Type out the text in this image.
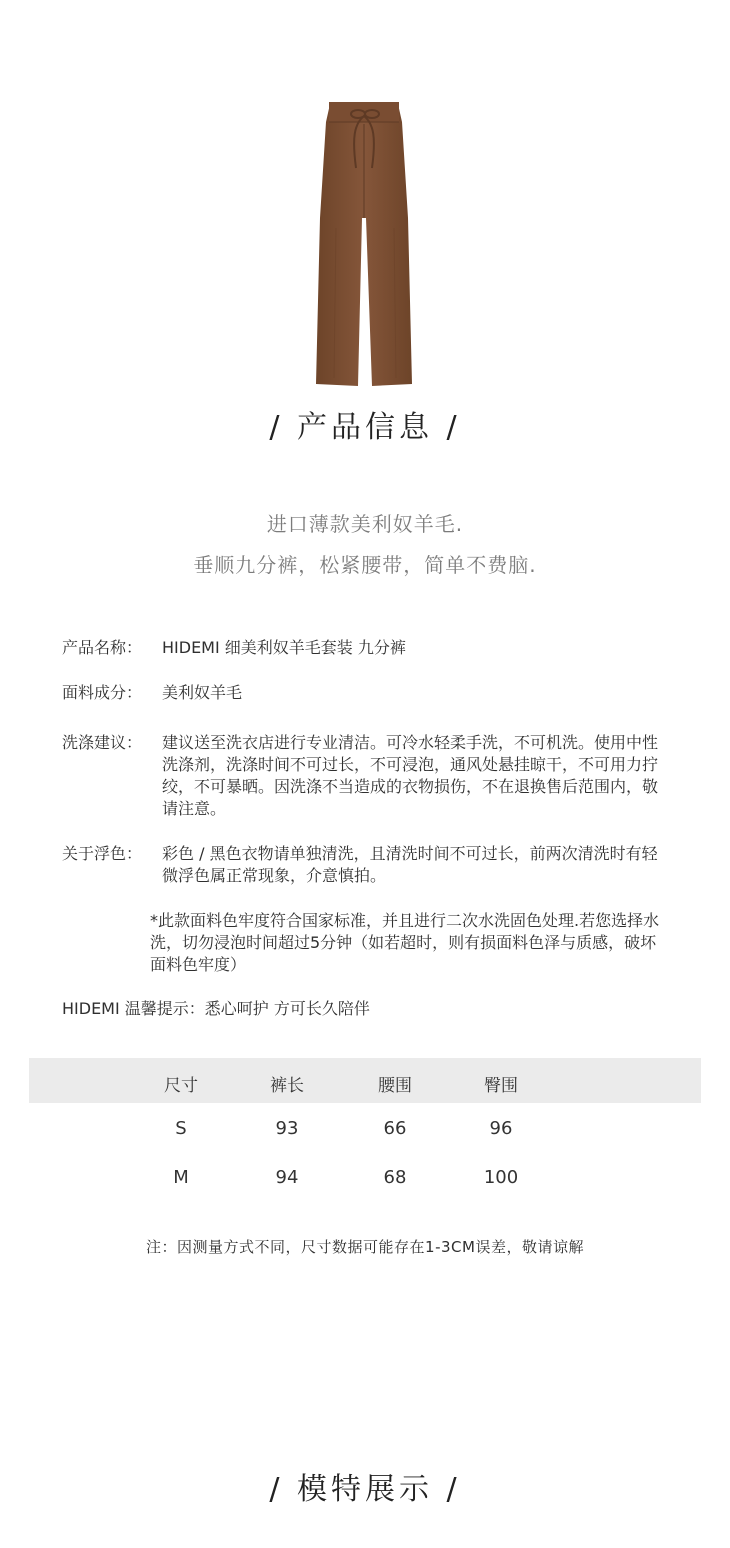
/ 产品信息 /
进口薄款美利奴羊毛.
垂顺九分裤，松紧腰带，简单不费脑.
产品名称： HIDEMI 细美利奴羊毛套装 九分裤
面料成分： 美利奴羊毛
洗涤建议： 建议送至洗衣店进行专业清洁。可冷水轻柔手洗，不可机洗。使用中性洗涤剂，洗涤时间不可过长，不可浸泡，通风处悬挂晾干，不可用力拧绞，不可暴晒。因洗涤不当造成的衣物损伤，不在退换售后范围内，敬请注意。
关于浮色： 彩色 / 黑色衣物请单独清洗，且清洗时间不可过长，前两次清洗时有轻微浮色属正常现象，介意慎拍。
*此款面料色牢度符合国家标准，并且进行二次水洗固色处理.若您选择水洗，切勿浸泡时间超过5分钟（如若超时，则有损面料色泽与质感，破坏面料色牢度）
HIDEMI 温馨提示：悉心呵护 方可长久陪伴
尺寸	裤长	腰围	臀围
S	93	66	96
M	94	68	100
注：因测量方式不同，尺寸数据可能存在1-3CM误差，敬请谅解
/ 模特展示 /
